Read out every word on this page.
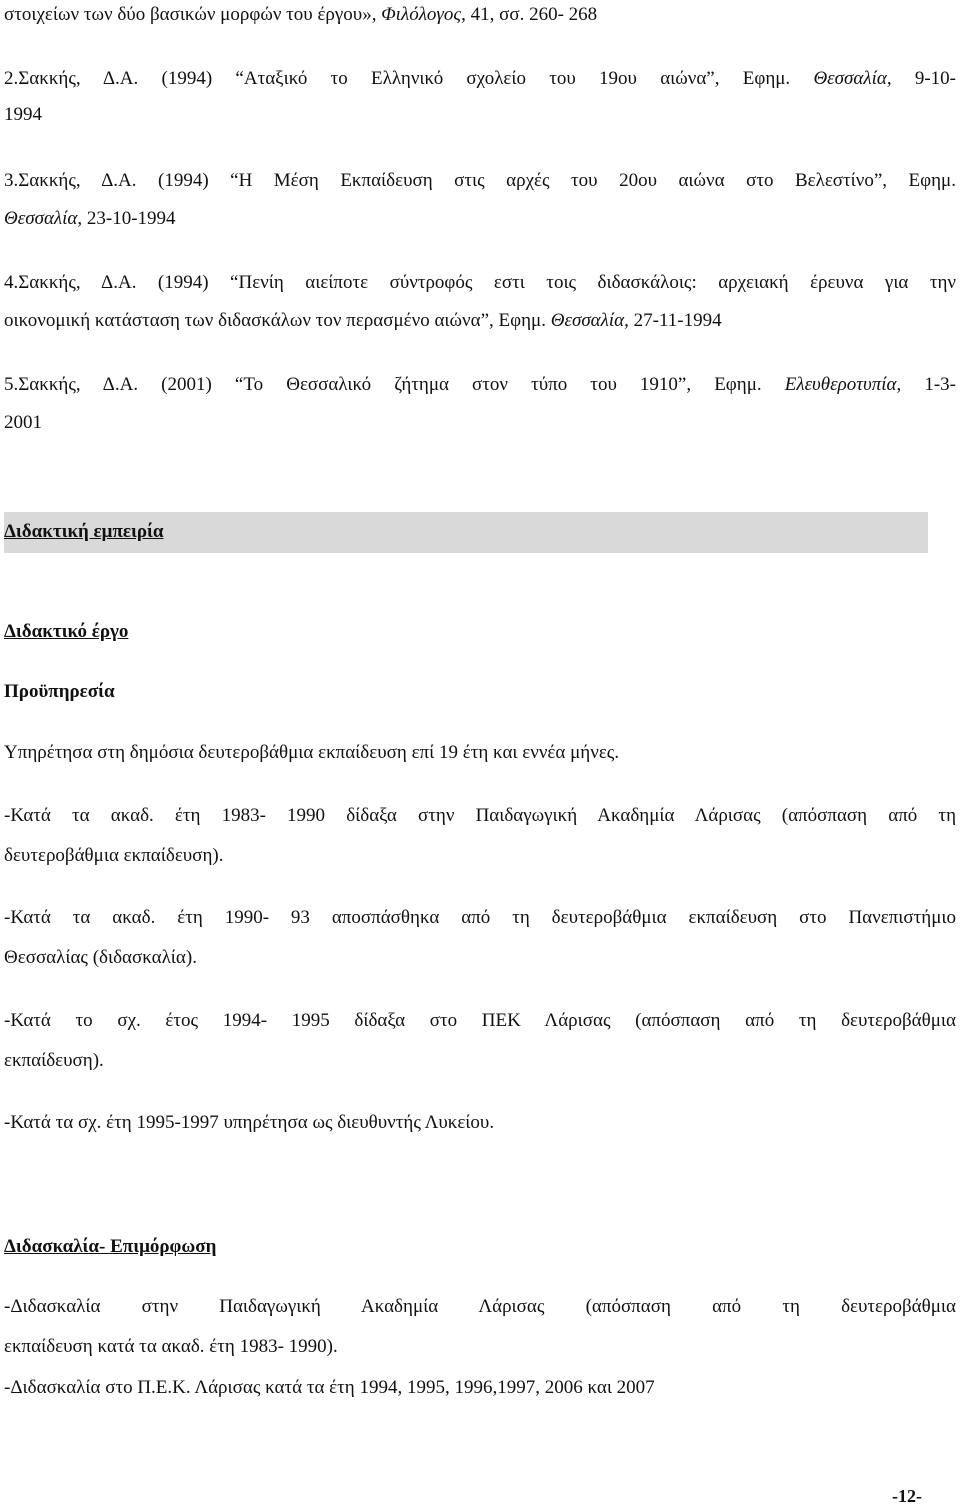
στοιχείων των δύο βασικών μορφών του έργου», Φιλόλογος, 41, σσ. 260- 268
2.Σακκής, Δ.Α. (1994) “Αταξικό το Ελληνικό σχολείο του 19ου αιώνα”, Εφημ. Θεσσαλία, 9-10-
1994
3.Σακκής, Δ.Α. (1994) “Η Μέση Εκπαίδευση στις αρχές του 20ου αιώνα στο Βελεστίνο”, Εφημ.
Θεσσαλία, 23-10-1994
4.Σακκής, Δ.Α. (1994) “Πενίη αιείποτε σύντροφός εστι τοις διδασκάλοις: αρχειακή έρευνα για την
οικονομική κατάσταση των διδασκάλων τον περασμένο αιώνα”, Εφημ. Θεσσαλία, 27-11-1994
5.Σακκής, Δ.Α. (2001) “Το Θεσσαλικό ζήτημα στον τύπο του 1910”, Εφημ. Ελευθεροτυπία, 1-3-
2001
Διδακτική εμπειρία
Διδακτικό έργο
Προϋπηρεσία
Υπηρέτησα στη δημόσια δευτεροβάθμια εκπαίδευση επί 19 έτη και εννέα μήνες.
-Κατά τα ακαδ. έτη 1983- 1990 δίδαξα στην Παιδαγωγική Ακαδημία Λάρισας (απόσπαση από τη
δευτεροβάθμια εκπαίδευση).
-Κατά τα ακαδ. έτη 1990- 93 αποσπάσθηκα από τη δευτεροβάθμια εκπαίδευση στο Πανεπιστήμιο
Θεσσαλίας (διδασκαλία).
-Κατά το σχ. έτος 1994- 1995 δίδαξα στο ΠΕΚ Λάρισας (απόσπαση από τη δευτεροβάθμια
εκπαίδευση).
-Κατά τα σχ. έτη 1995-1997 υπηρέτησα ως διευθυντής Λυκείου.
Διδασκαλία- Επιμόρφωση
-Διδασκαλία στην Παιδαγωγική Ακαδημία Λάρισας (απόσπαση από τη δευτεροβάθμια
εκπαίδευση κατά τα ακαδ. έτη 1983- 1990).
-Διδασκαλία στο Π.Ε.Κ. Λάρισας κατά τα έτη 1994, 1995, 1996,1997, 2006 και 2007
-12-
